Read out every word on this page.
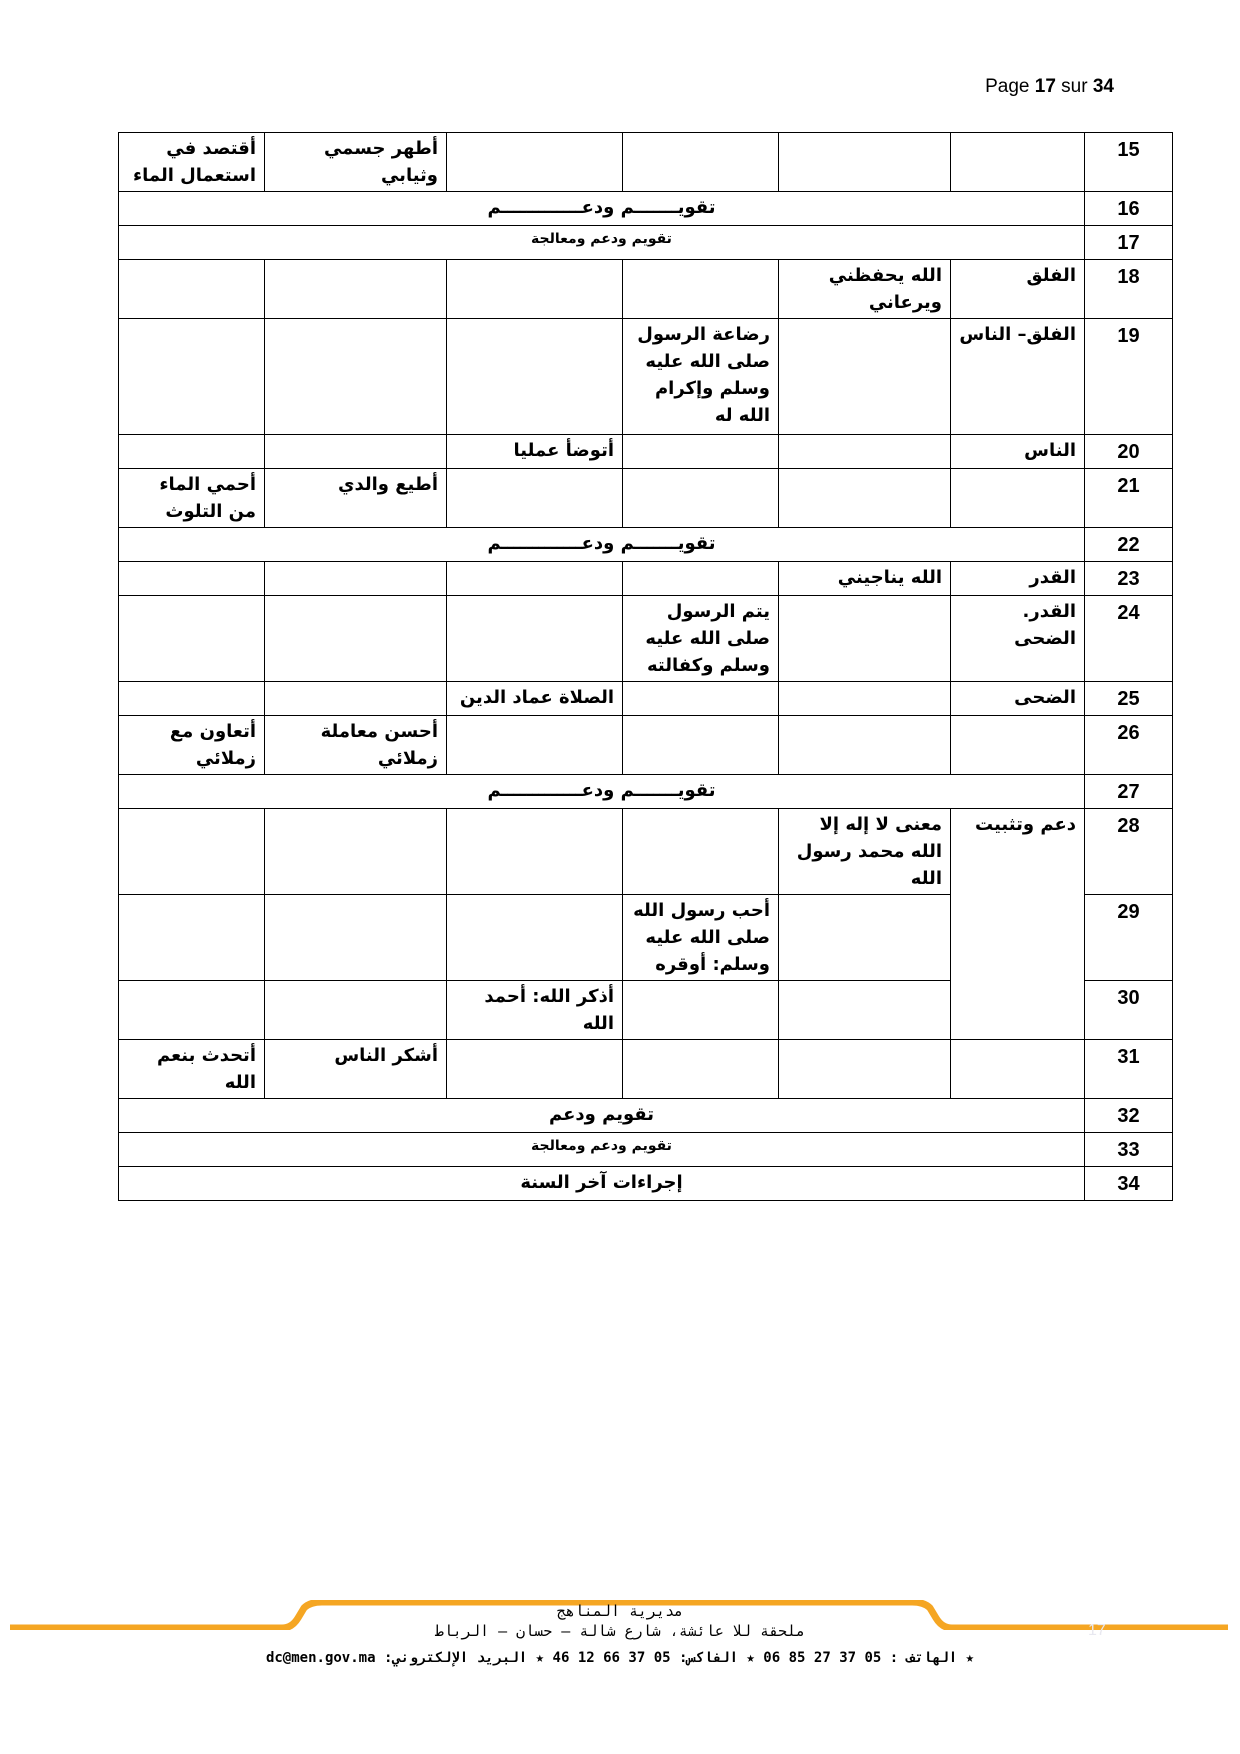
Page 17 sur 34
15					أطهر جسمي وثيابي	أقتصد في استعمال الماء
16	تقويـــــــم ودعـــــــــــــم					
17	تقويم ودعم ومعالجة					
18	الفلق	الله يحفظني ويرعاني				
19	الفلق– الناس		رضاعة الرسول صلى الله عليه وسلم وإكرام الله له			
20	الناس			أتوضأ عمليا		
21					أطيع والدي	أحمي الماء من التلوث
22	تقويـــــــم ودعـــــــــــــم					
23	القدر	الله يناجيني				
24	القدر. الضحى		يتم الرسول صلى الله عليه وسلم وكفالته			
25	الضحى			الصلاة عماد الدين		
26					أحسن معاملة زملائي	أتعاون مع زملائي
27	تقويـــــــم ودعـــــــــــــم					
28	دعم وتثبيت	معنى لا إله إلا الله محمد رسول الله				
29			أحب رسول الله صلى الله عليه وسلم: أوقره			
30				أذكر الله: أحمد الله		
31					أشكر الناس	أتحدث بنعم الله
32	تقويم ودعم					
33	تقويم ودعم ومعالجة					
34	إجراءات آخر السنة					
17
مديرية المناهج
ملحقة للا عائشة، شارع شالة – حسان – الرباط
★ الهاتف : 05 37 27 85 06 ★ الفاكس: 05 37 66 12 46 ★ البريد الإلكتروني: dc@men.gov.ma
